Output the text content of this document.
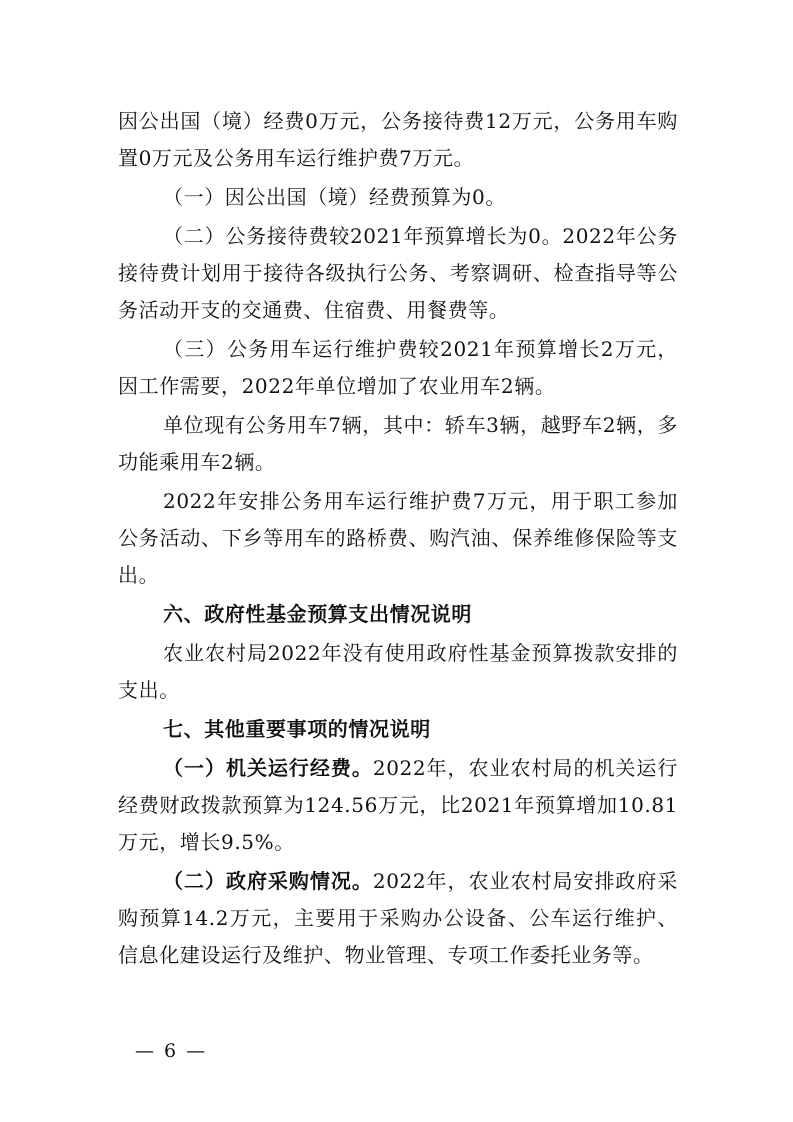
因公出国（境）经费0万元，公务接待费12万元，公务用车购置0万元及公务用车运行维护费7万元。

（一）因公出国（境）经费预算为0。

（二）公务接待费较2021年预算增长为0。2022年公务接待费计划用于接待各级执行公务、考察调研、检查指导等公务活动开支的交通费、住宿费、用餐费等。

（三）公务用车运行维护费较2021年预算增长2万元，因工作需要，2022年单位增加了农业用车2辆。

单位现有公务用车7辆，其中：轿车3辆，越野车2辆，多功能乘用车2辆。

2022年安排公务用车运行维护费7万元，用于职工参加公务活动、下乡等用车的路桥费、购汽油、保养维修保险等支出。

六、政府性基金预算支出情况说明

农业农村局2022年没有使用政府性基金预算拨款安排的支出。

七、其他重要事项的情况说明

（一）机关运行经费。2022年，农业农村局的机关运行经费财政拨款预算为124.56万元，比2021年预算增加10.81万元，增长9.5%。

（二）政府采购情况。2022年，农业农村局安排政府采购预算14.2万元，主要用于采购办公设备、公车运行维护、信息化建设运行及维护、物业管理、专项工作委托业务等。

— 6 —
